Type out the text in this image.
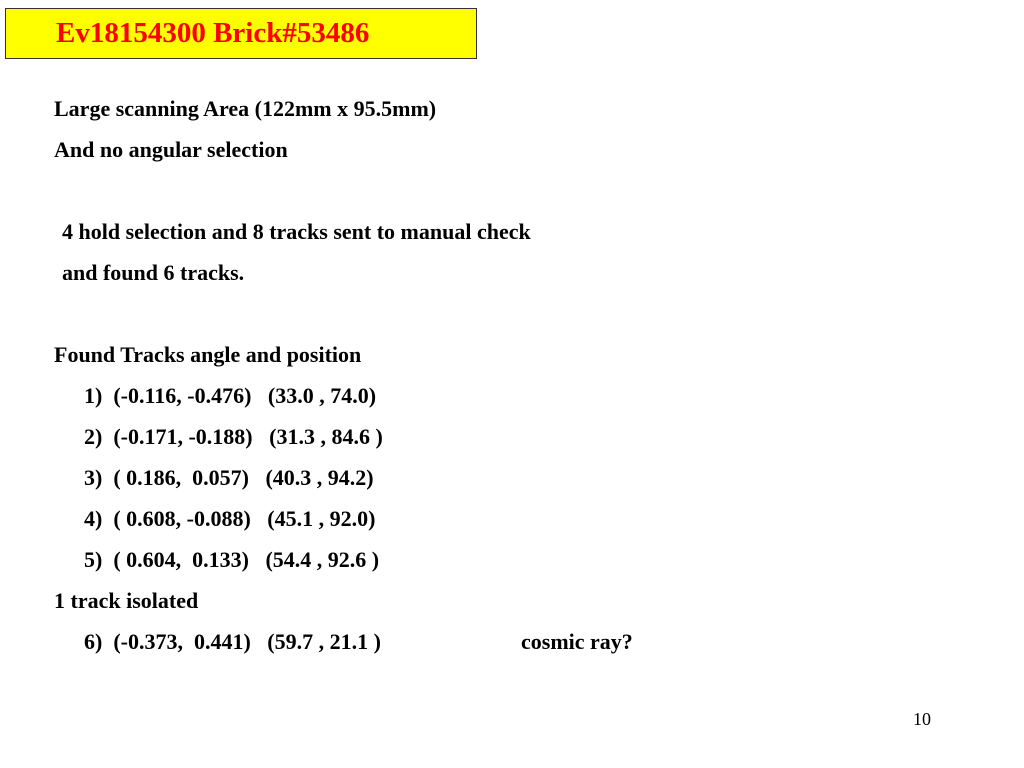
Ev18154300 Brick#53486
Large scanning Area (122mm x 95.5mm)
And no angular selection
4 hold selection and 8 tracks sent to manual check
and found 6 tracks.
Found Tracks angle and position
1)  (-0.116, -0.476)   (33.0 , 74.0)
2)  (-0.171, -0.188)   (31.3 , 84.6 )
3)  ( 0.186,  0.057)   (40.3 , 94.2)
4)  ( 0.608, -0.088)   (45.1 , 92.0)
5)  ( 0.604,  0.133)   (54.4 , 92.6 )
1 track isolated
6)  (-0.373,  0.441)   (59.7 , 21.1 )	cosmic ray?
10
